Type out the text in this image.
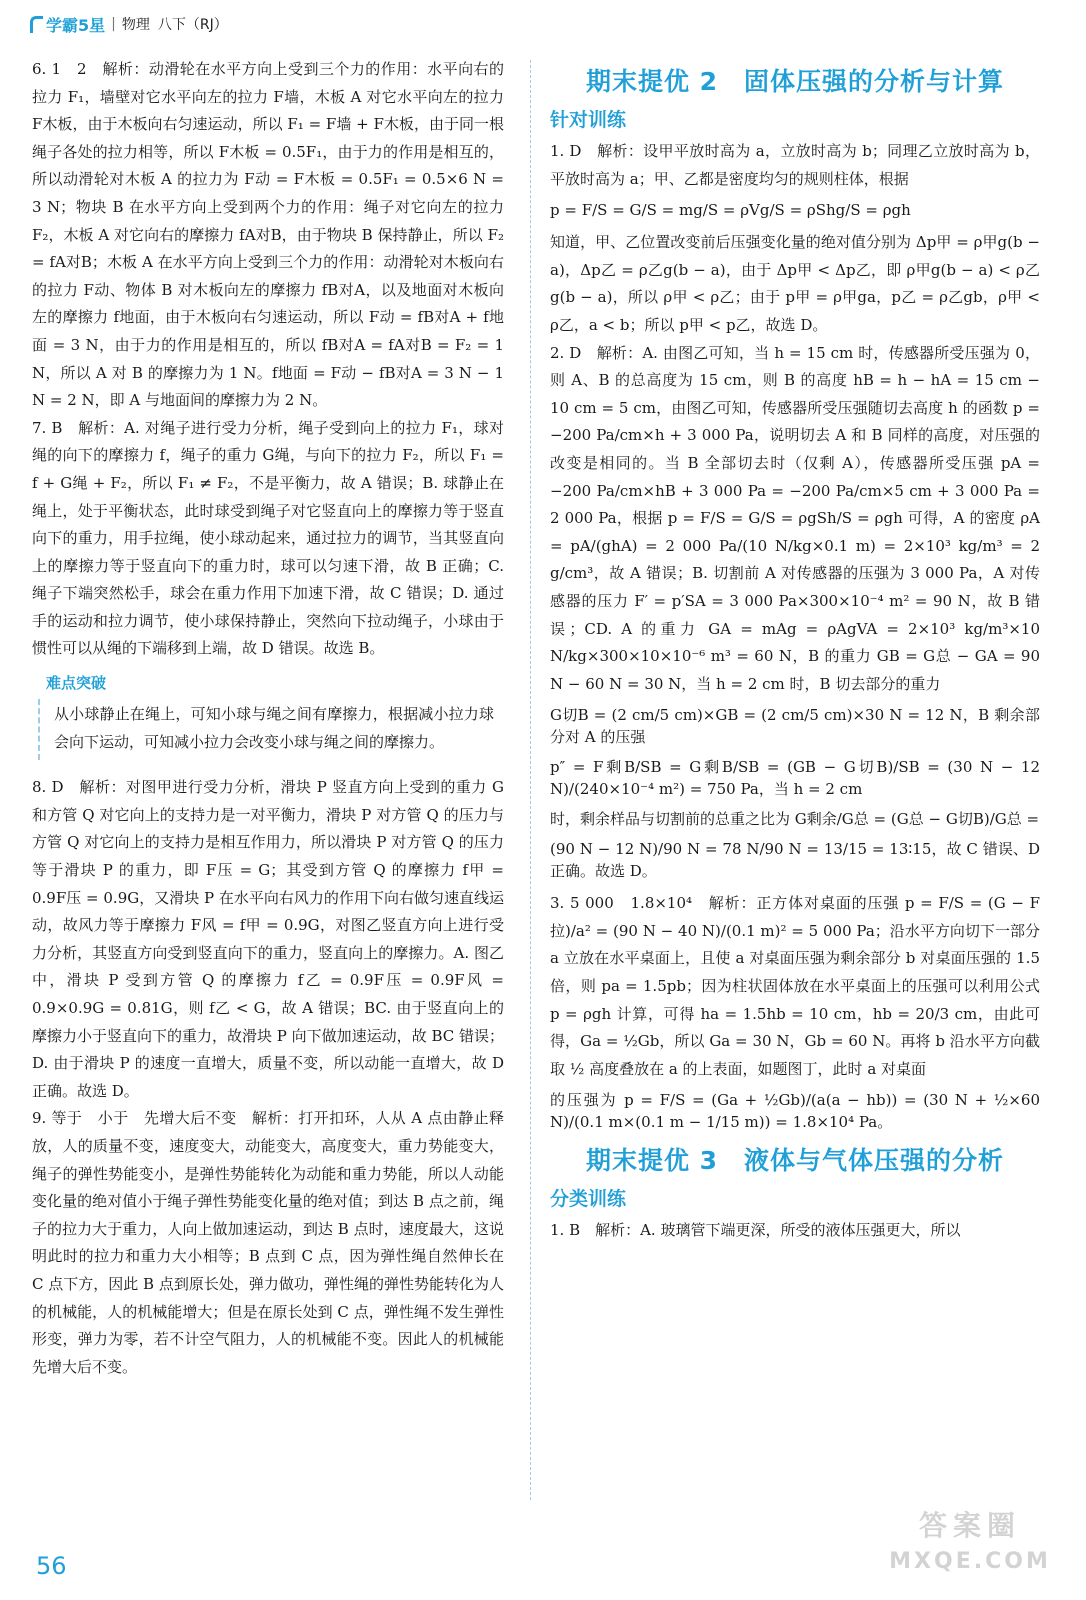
学霸5星 | 物理 八下（RJ）

6. 1　2　解析：动滑轮在水平方向上受到三个力的作用：水平向右的拉力 F₁，墙壁对它水平向左的拉力 F墙，木板 A 对它水平向左的拉力 F木板，由于木板向右匀速运动，所以 F₁ = F墙 + F木板，由于同一根绳子各处的拉力相等，所以 F木板 = 0.5F₁，由于力的作用是相互的，所以动滑轮对木板 A 的拉力为 F动 = F木板 = 0.5F₁ = 0.5×6 N = 3 N；物块 B 在水平方向上受到两个力的作用：绳子对它向左的拉力 F₂，木板 A 对它向右的摩擦力 fA对B，由于物块 B 保持静止，所以 F₂ = fA对B；木板 A 在水平方向上受到三个力的作用：动滑轮对木板向右的拉力 F动、物体 B 对木板向左的摩擦力 fB对A，以及地面对木板向左的摩擦力 f地面，由于木板向右匀速运动，所以 F动 = fB对A + f地面 = 3 N，由于力的作用是相互的，所以 fB对A = fA对B = F₂ = 1 N，所以 A 对 B 的摩擦力为 1 N。f地面 = F动 − fB对A = 3 N − 1 N = 2 N，即 A 与地面间的摩擦力为 2 N。

7. B　解析：A. 对绳子进行受力分析，绳子受到向上的拉力 F₁，球对绳的向下的摩擦力 f，绳子的重力 G绳，与向下的拉力 F₂，所以 F₁ = f + G绳 + F₂，所以 F₁ ≠ F₂，不是平衡力，故 A 错误；B. 球静止在绳上，处于平衡状态，此时球受到绳子对它竖直向上的摩擦力等于竖直向下的重力，用手拉绳，使小球动起来，通过拉力的调节，当其竖直向上的摩擦力等于竖直向下的重力时，球可以匀速下滑，故 B 正确；C. 绳子下端突然松手，球会在重力作用下加速下滑，故 C 错误；D. 通过手的运动和拉力调节，使小球保持静止，突然向下拉动绳子，小球由于惯性可以从绳的下端移到上端，故 D 错误。故选 B。

难点突破

从小球静止在绳上，可知小球与绳之间有摩擦力，根据减小拉力球会向下运动，可知减小拉力会改变小球与绳之间的摩擦力。

8. D　解析：对图甲进行受力分析，滑块 P 竖直方向上受到的重力 G 和方管 Q 对它向上的支持力是一对平衡力，滑块 P 对方管 Q 的压力与方管 Q 对它向上的支持力是相互作用力，所以滑块 P 对方管 Q 的压力等于滑块 P 的重力，即 F压 = G；其受到方管 Q 的摩擦力 f甲 = 0.9F压 = 0.9G，又滑块 P 在水平向右风力的作用下向右做匀速直线运动，故风力等于摩擦力 F风 = f甲 = 0.9G，对图乙竖直方向上进行受力分析，其竖直方向受到竖直向下的重力，竖直向上的摩擦力。A. 图乙中，滑块 P 受到方管 Q 的摩擦力 f乙 = 0.9F压 = 0.9F风 = 0.9×0.9G = 0.81G，则 f乙 < G，故 A 错误；BC. 由于竖直向上的摩擦力小于竖直向下的重力，故滑块 P 向下做加速运动，故 BC 错误；D. 由于滑块 P 的速度一直增大，质量不变，所以动能一直增大，故 D 正确。故选 D。

9. 等于　小于　先增大后不变　解析：打开扣环，人从 A 点由静止释放，人的质量不变，速度变大，动能变大，高度变大，重力势能变大，绳子的弹性势能变小，是弹性势能转化为动能和重力势能，所以人动能变化量的绝对值小于绳子弹性势能变化量的绝对值；到达 B 点之前，绳子的拉力大于重力，人向上做加速运动，到达 B 点时，速度最大，这说明此时的拉力和重力大小相等；B 点到 C 点，因为弹性绳自然伸长在 C 点下方，因此 B 点到原长处，弹力做功，弹性绳的弹性势能转化为人的机械能，人的机械能增大；但是在原长处到 C 点，弹性绳不发生弹性形变，弹力为零，若不计空气阻力，人的机械能不变。因此人的机械能先增大后不变。

期末提优 2　固体压强的分析与计算
针对训练

1. D　解析：设甲平放时高为 a，立放时高为 b；同理乙立放时高为 b，平放时高为 a；甲、乙都是密度均匀的规则柱体，根据

p = F/S = G/S = mg/S = ρVg/S = ρShg/S = ρgh

知道，甲、乙位置改变前后压强变化量的绝对值分别为 Δp甲 = ρ甲g(b − a)，Δp乙 = ρ乙g(b − a)，由于 Δp甲 < Δp乙，即 ρ甲g(b − a) < ρ乙g(b − a)，所以 ρ甲 < ρ乙；由于 p甲 = ρ甲ga，p乙 = ρ乙gb，ρ甲 < ρ乙，a < b；所以 p甲 < p乙，故选 D。

2. D　解析：A. 由图乙可知，当 h = 15 cm 时，传感器所受压强为 0，则 A、B 的总高度为 15 cm，则 B 的高度 hB = h − hA = 15 cm − 10 cm = 5 cm，由图乙可知，传感器所受压强随切去高度 h 的函数 p = −200 Pa/cm×h + 3 000 Pa，说明切去 A 和 B 同样的高度，对压强的改变是相同的。当 B 全部切去时（仅剩 A），传感器所受压强 pA = −200 Pa/cm×hB + 3 000 Pa = −200 Pa/cm×5 cm + 3 000 Pa = 2 000 Pa，根据 p = F/S = G/S = ρgSh/S = ρgh 可得，A 的密度 ρA = pA/(ghA) = 2 000 Pa/(10 N/kg×0.1 m) = 2×10³ kg/m³ = 2 g/cm³，故 A 错误；B. 切割前 A 对传感器的压强为 3 000 Pa，A 对传感器的压力 F′ = p′SA = 3 000 Pa×300×10⁻⁴ m² = 90 N，故 B 错误；CD. A 的重力 GA = mAg = ρAgVA = 2×10³ kg/m³×10 N/kg×300×10×10⁻⁶ m³ = 60 N，B 的重力 GB = G总 − GA = 90 N − 60 N = 30 N，当 h = 2 cm 时，B 切去部分的重力

G切B = (2 cm/5 cm)×GB = (2 cm/5 cm)×30 N = 12 N，B 剩余部分对 A 的压强
p″ = F剩B/SB = G剩B/SB = (GB − G切B)/SB = (30 N − 12 N)/(240×10⁻⁴ m²) = 750 Pa，当 h = 2 cm
时，剩余样品与切割前的总重之比为 G剩余/G总 = (G总 − G切B)/G总 =
(90 N − 12 N)/90 N = 78 N/90 N = 13/15 = 13∶15，故 C 错误、D 正确。故选 D。

3. 5 000　1.8×10⁴　解析：正方体对桌面的压强 p = F/S = (G − F拉)/a² = (90 N − 40 N)/(0.1 m)² = 5 000 Pa；沿水平方向切下一部分 a 立放在水平桌面上，且使 a 对桌面压强为剩余部分 b 对桌面压强的 1.5 倍，则 pa = 1.5pb；因为柱状固体放在水平桌面上的压强可以利用公式 p = ρgh 计算，可得 ha = 1.5hb = 10 cm，hb = 20/3 cm，由此可得，Ga = ½Gb，所以 Ga = 30 N，Gb = 60 N。再将 b 沿水平方向截取 ½ 高度叠放在 a 的上表面，如题图丁，此时 a 对桌面

的压强为 p = F/S = (Ga + ½Gb)/(a(a − hb)) = (30 N + ½×60 N)/(0.1 m×(0.1 m − 1/15 m)) = 1.8×10⁴ Pa。
期末提优 3　液体与气体压强的分析
分类训练

1. B　解析：A. 玻璃管下端更深，所受的液体压强更大，所以

56
答案圈
MXQE.COM
